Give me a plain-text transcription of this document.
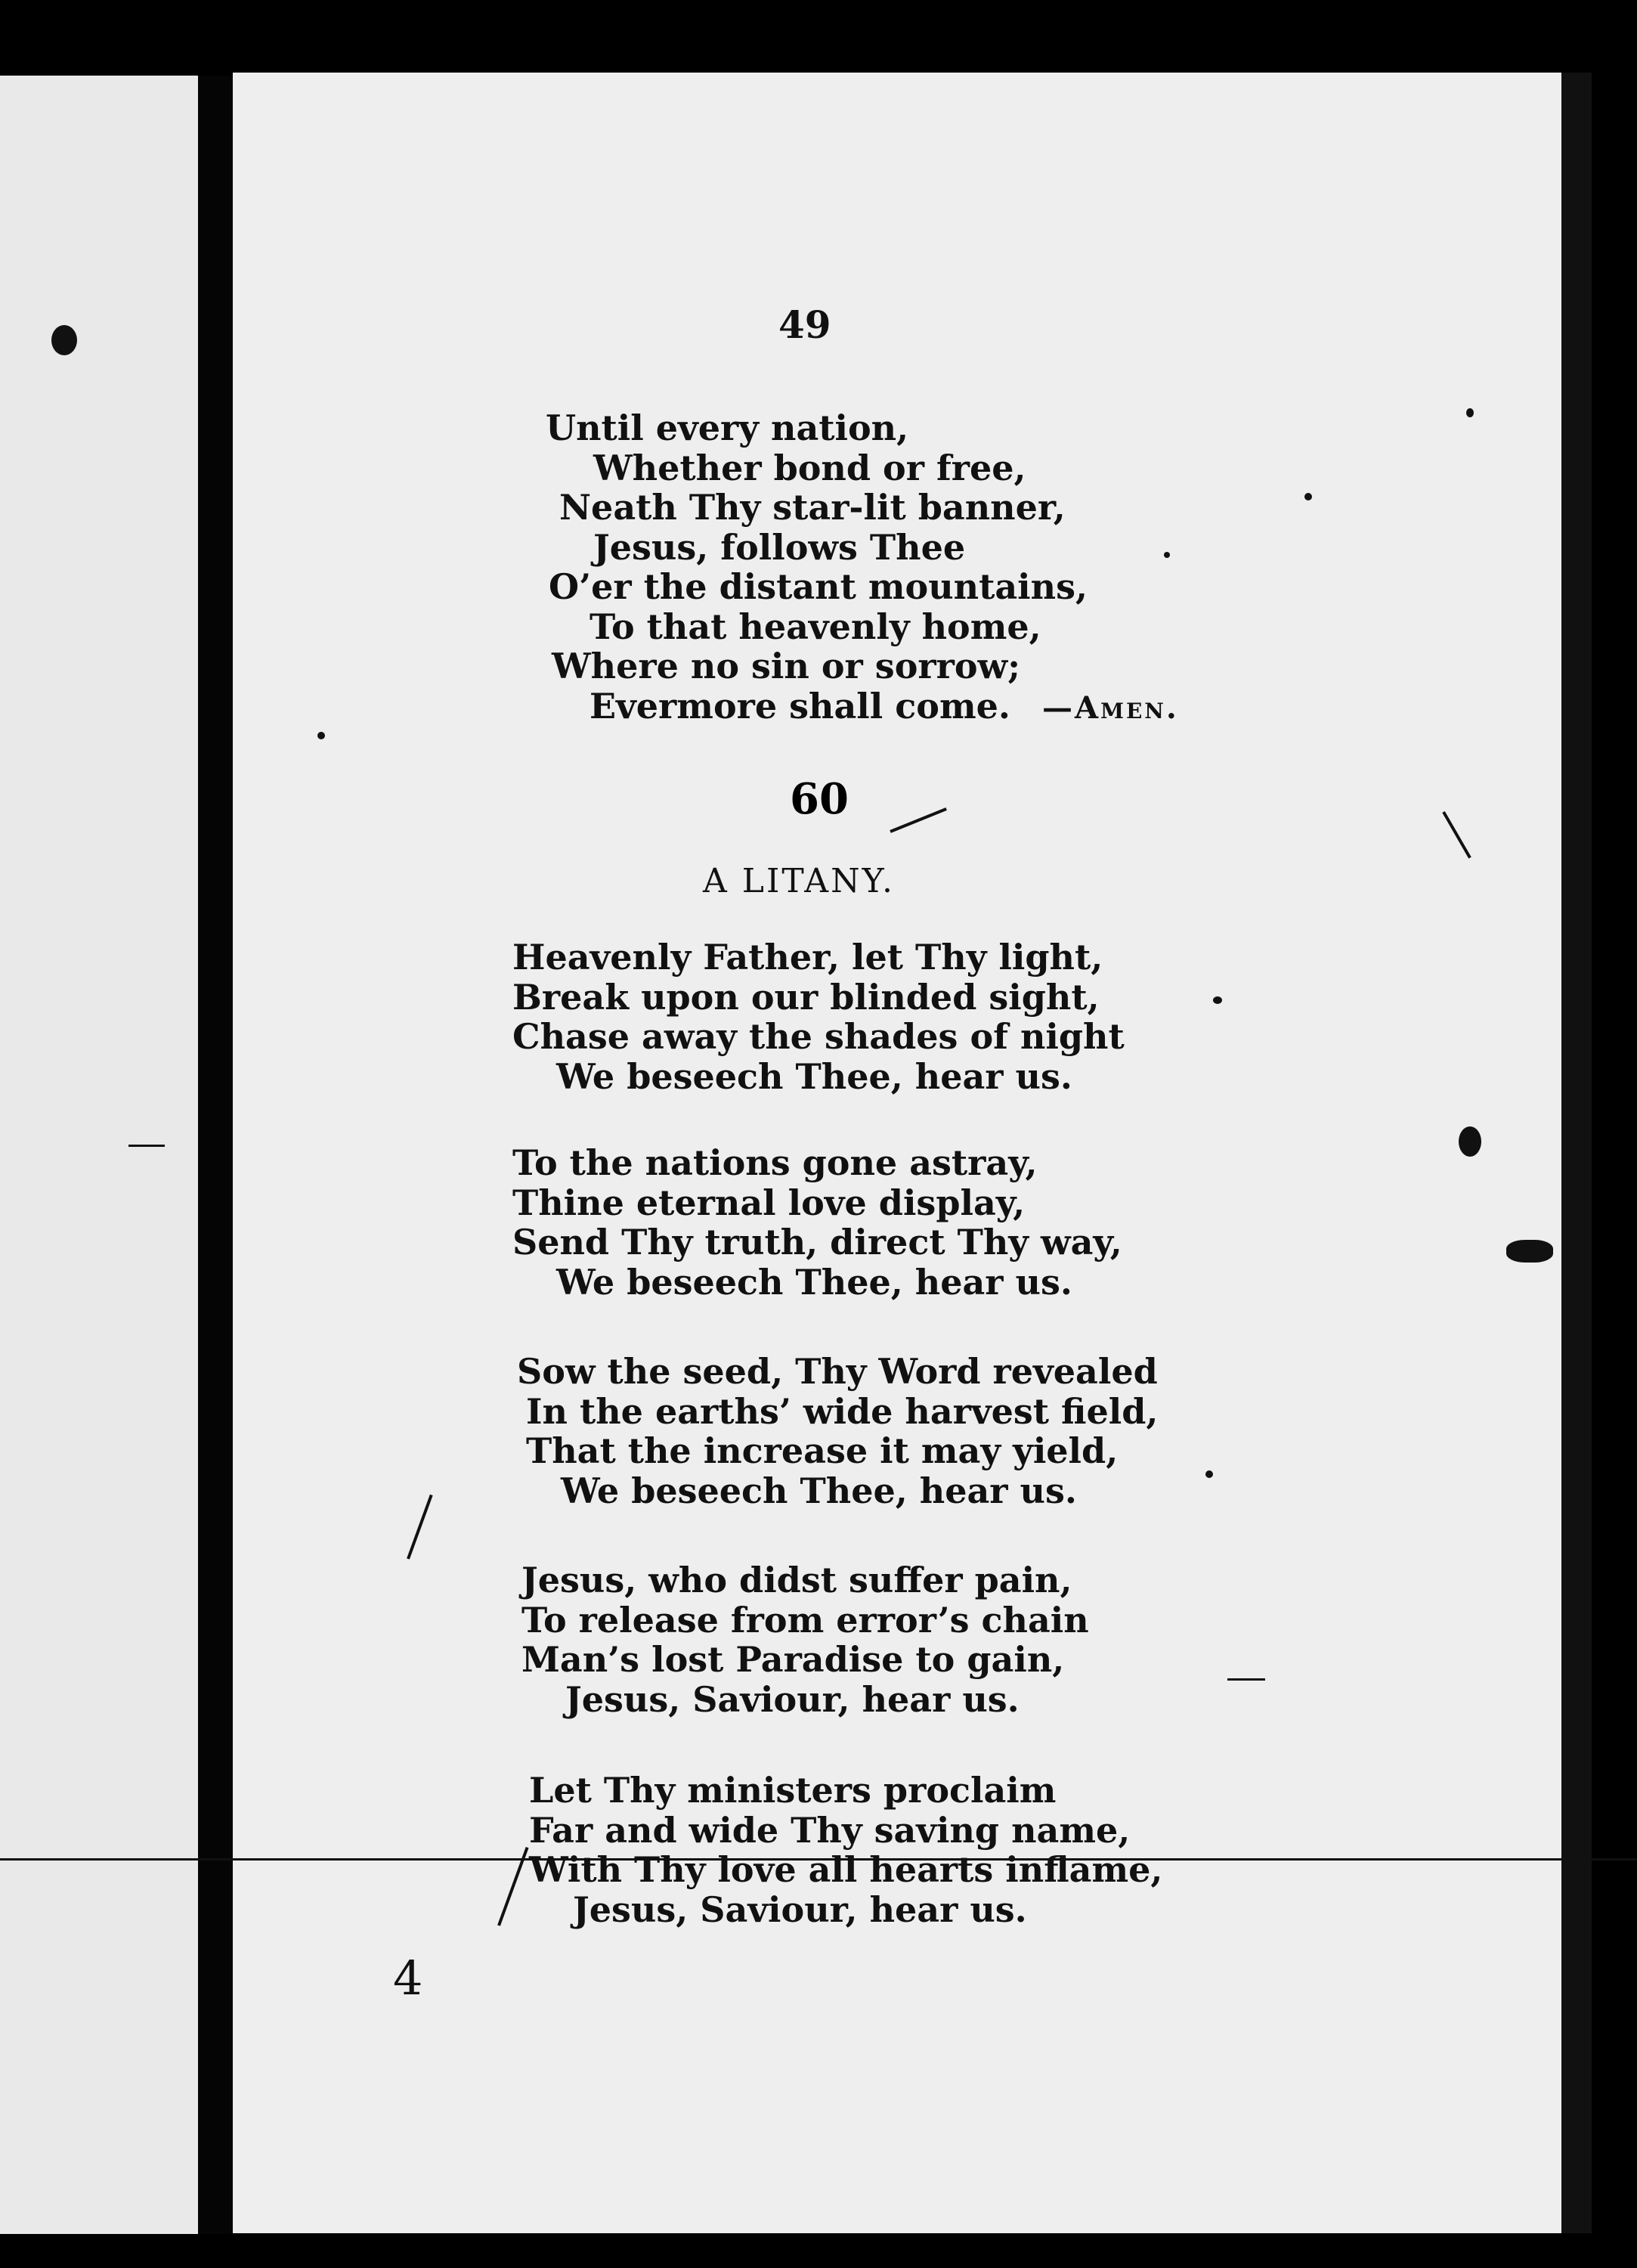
49
Until every nation,
Whether bond or free,
Neath Thy star-lit banner,
Jesus, follows Thee
O’er the distant mountains,
To that heavenly home,
Where no sin or sorrow;
Evermore shall come. —Amen.
60
A LITANY.
Heavenly Father, let Thy light,
Break upon our blinded sight,
Chase away the shades of night
We beseech Thee, hear us.
To the nations gone astray,
Thine eternal love display,
Send Thy truth, direct Thy way,
We beseech Thee, hear us.
Sow the seed, Thy Word revealed
In the earths’ wide harvest field,
That the increase it may yield,
We beseech Thee, hear us.
Jesus, who didst suffer pain,
To release from error’s chain
Man’s lost Paradise to gain,
Jesus, Saviour, hear us.
Let Thy ministers proclaim
Far and wide Thy saving name,
With Thy love all hearts inflame,
Jesus, Saviour, hear us.
4
